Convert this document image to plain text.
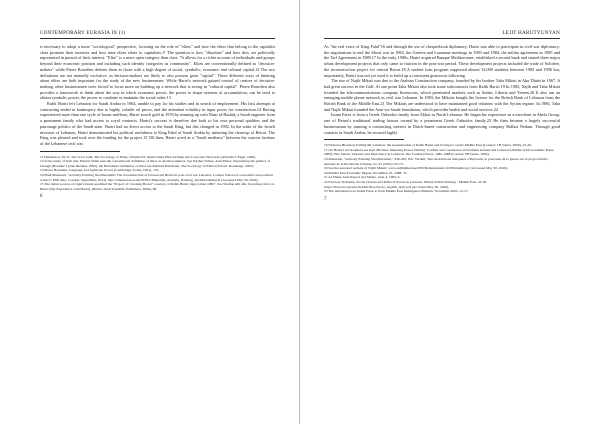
CONTEMPORARY EURASIA IX (1)

is necessary to adopt a more "sociological" perspective, focusing on the role of "elites" and how the elites that belong to the capitalist class promote their interests and how state elites relate to capitalists.1¹ The question is how "dissolute" and how they are politically represented in pursuit of their interest: "Elite" is a more open category than class. "It allows for a richer account of individuals and groups beyond their economic position and including such identity categories as community". Elites are conventionally defined as "decision-makers" while Pierre Bourdieu defines them as those with a high degree of social, symbolic, economic and cultural capital.12 The two definitions are not mutually exclusive, as decision-makers are likely to also possess great "capital". These different ways of thinking about elites are both important for the study of the new businessmen. While Hariri's network gained control of centres of decision-making, other businessmen were forced to focus more on building up a network that is strong in "cultural capital". Pierre Bourdieu also provides a framework to think about the way in which economic power, the power to shape systems of accumulation, can be used to obtain symbolic power, the power to combine or maintain the social order.13

Rafik Hariri left Lebanon for Saudi Arabia in 1964, unable to pay for his studies and in search of employment. His first attempts at contracting ended in bankruptcy due to highly volatile oil prices, and the attendant volatility in input prices for construction.14 Having experienced more than one cycle of boom-and-bust, Hariri struck gold in 1976 by teaming up with Nasir al-Rashid, a Saudi engineer from a prominent family who had access to royal contracts. Hariri's success is therefore due both to his own personal qualities and the patronage politics of the Saudi state. Hariri had no direct access to the Saudi King, but this changed in 1982. In the wake of the Israeli invasion of Lebanon, Hariri demonstrated his political usefulness to King Fahd of Saudi Arabia by initiating the clean-up of Beirut. The King was pleased and took over the funding for the project.15 Till then, Hariri acted as a "Saudi mediator" between the various factions of the Lebanese civil war.

11 Henderson, 29-31. See Scott John, The Sociology of Elites, Volume III: Interlocking Directorships and Corporate Networks (Aldershot: Elgar, 1990).

12 In his study of both elite Parbati Sinha uses the conventional definition of elites as decision-makers. See Parthas Volker, Arab Elites: Negotiating the politics of Change (Boulder: Lynne Rienner, 2004). On Bourdieu's definition of elites see Michael Hartmann, The Sociology of Elites (Oxford: Routledge, 2007).

13 Pierre Bourdieu, Language and Symbolic Power (Cambridge: Polity, 1991), 170.

14 Hadi Makarem, "Actually Existing Neoliberalism: The reconstruction of Downtown Beirut in post-civil war Lebanon, London School of economics and political science" PhD diss., London, September, 2014). http://etheses.lse.ac.uk/3078/1/Makarem_Actually_Existing_Neoliberalism.pdf (Accessed May 30, 2020).

15 The initial sources of Oger's funds specified the "Project of Cleaning Beirut" courtesy of Rafik Hariri, Oger Liban 1982". See Shafiqa Abf ufk, Tayrafatsy ma'a al-Hariri (My Experience with Hariri). (Beirut: Arab Scientific Publishers, 2006), 98.

6
LEJIT HARUTYUNYAN

As "the real voice of King Fahd"16 and through the use of chequerbook diplomacy, Hariri was able to participate in civil war diplomacy: the negotiations to end the Shouf war in 1983, the Geneva and Lausanne meetings in 1983 and 1984, the militia agreement in 1985 and the Taif Agreement in 1989.17 In the early 1980s, Hariri acquired Banque Mediterranee, established a second bank and started three major urban development projects that only came to fruition in the post-war period. These development projects included the trade of Solidere, the reconstruction project for central Beirut.18 A student loan program supported almost 32,000 students between 1983 and 1996 but, importantly, Hariri was not yet used it to build up a consistent grassroots following.

The rise of Najib Mikati was due to the Arabian Construction company, founded by his brother Taha Mikati in Abu Dhabi in 1967. It had great success in the Gulf. At one point Taha Mikati also took some subcontracts from Rafik Hariri.19 In 1982, Najib and Taha Mikati founded the telecommunications company Investcom, which penetrated markets such as Sudan, Liberia and Yemen.20 It also ran an emerging mobile phone network as civil war Lebanon. In 1983, the Mikatis bought the licence for the British Bank of Lebanon from the British Bank of the Middle East.21 The Mikatis are understood to have maintained good relations with the Syrian regime. In 1986, Taha and Najib Mikati founded the Azm wa Saade foundation, which provides health and social services.22

Issam Fares is from a Greek Orthodox family from Akkar in North Lebanon. He began his experience as a merchant in Abela Group, one of Beirut's traditional trading houses owned by a prominent Greek Orthodox family.23 He then became a hugely successful businessman by running a contracting interest in Dutch-based construction and engineering company Ballast Nedam. Through good contacts in Saudi Arabia, he secured highly

16 Nicholas Blanford, Killing Mr Lebanon: the Assassination of Rafik Hariri and its impact on the Middle East (London: I.B Tauris, 2006), 25-26.

17 On Hariri's involvement see Karl Michael, Imposing Power Sharing: Conflict and coexistence in Northern Ireland and Lebanon (Dublin: Irish Academic Press, 2006); Elie Salem, Violence and Diplomacy in Lebanon: The Troubled Years, 1982-1988 (London: IB Tauris, 1995).

18 Makarem, "Actually Existing Neoliberalism," 236-295; Eric Verdeil, "Reconstructions manquees a Beyrouth, la poursuite de la guerre par le projet urbain", Annales de la Recherche Urbaine, no. 91 (2001): 65-73.

19 See the personal website of Najib Mikati: www.najibmikati.net/EN/Dadstatement/110/Philanthropy (Accessed May 30, 2020).

20 Middle East Economic Digest, November 25, 1988, 74.

21 Al-Nahar Arab Report and Memo, June 4, 1984, 6.

22 Fawwaz Traboulsi, Social Classes and Political Power in Lebanon, Heinrich Boll Stiftung - Middle East, 16-18. https://lb.boell.org/sites/default/files/fawaz_english_draft.pdf (Accessed May 30, 2020).

23 The information on Issam Fares is from Middle East Intelligence Bulletin, November 2003, 12-17.

7
